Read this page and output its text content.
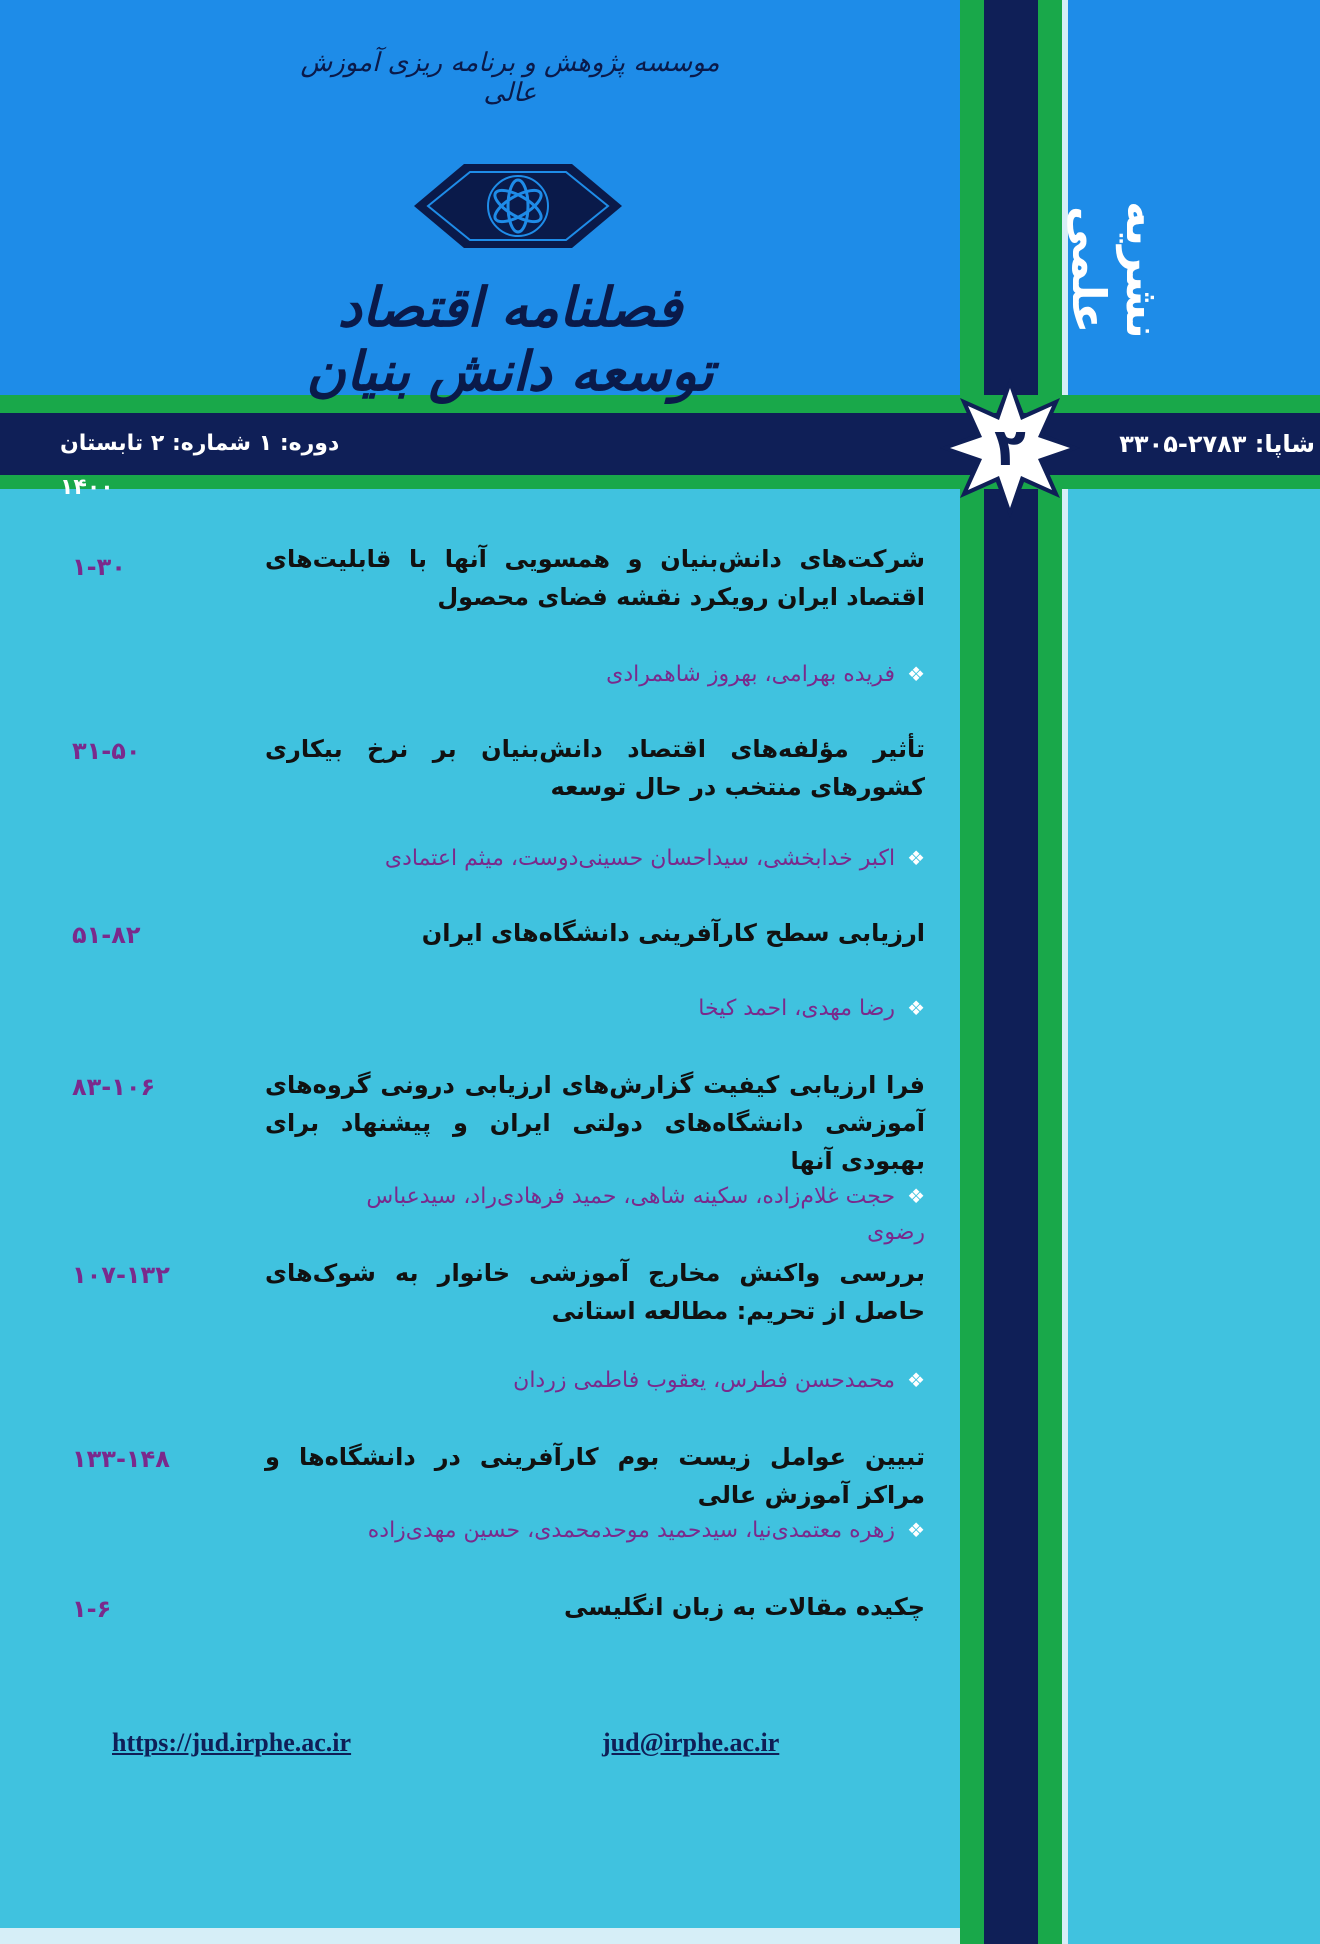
موسسه پژوهش و برنامه ریزی آموزش عالی
فصلنامه اقتصاد توسعه دانش بنیان
نشریه علمی
دوره: ۱ شماره: ۲ تابستان ۱۴۰۰
شاپا: ۲۷۸۳-۳۳۰۵
۲
شرکت‌های دانش‌بنیان و همسویی آنها با قابلیت‌های اقتصاد ایران رویکرد نقشه فضای محصول
۱-۳۰
❖فریده بهرامی، بهروز شاهمرادی
تأثیر مؤلفه‌های اقتصاد دانش‌بنیان بر نرخ بیکاری کشورهای منتخب در حال توسعه
۳۱-۵۰
❖اکبر خدابخشی، سیداحسان حسینی‌دوست، میثم اعتمادی
ارزیابی سطح کارآفرینی دانشگاه‌های ایران
۵۱-۸۲
❖رضا مهدی، احمد کیخا
فرا ارزیابی کیفیت گزارش‌های ارزیابی درونی گروه‌های آموزشی دانشگاه‌های دولتی ایران و پیشنهاد برای بهبودی آنها
۸۳-۱۰۶
❖حجت غلام‌زاده، سکینه شاهی، حمید فرهادی‌راد، سیدعباس رضوی
بررسی واکنش مخارج آموزشی خانوار به شوک‌های حاصل از تحریم: مطالعه استانی
۱۰۷-۱۳۲
❖محمدحسن فطرس، یعقوب فاطمی زردان
تبیین عوامل زیست بوم کارآفرینی در دانشگاه‌ها و مراکز آموزش عالی
۱۳۳-۱۴۸
❖زهره معتمدی‌نیا، سیدحمید موحدمحمدی، حسین مهدی‌زاده
چکیده مقالات به زبان انگلیسی
۱-۶
https://jud.irphe.ac.ir	jud@irphe.ac.ir
